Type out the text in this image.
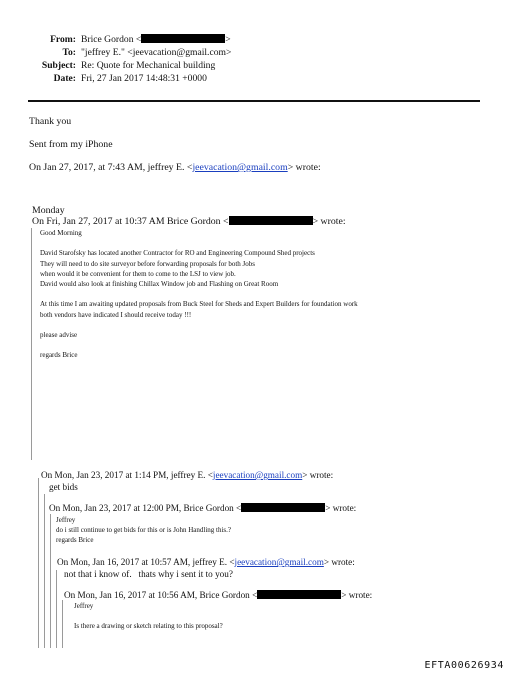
From: Brice Gordon <	>
To: "jeffrey E." <jeevacation@gmail.com>
Subject: Re: Quote for Mechanical building
Date: Fri, 27 Jan 2017 14:48:31 +0000
Thank you
Sent from my iPhone
On Jan 27, 2017, at 7:43 AM, jeffrey E. <jeevacation@gmail.com> wrote:
Monday
On Fri, Jan 27, 2017 at 10:37 AM Brice Gordon <	> wrote:
Good Morning

David Starofsky has located another Contractor for RO and Engineering Compound Shed projects
They will need to do site surveyor before forwarding proposals for both Jobs
when would it be convenient for them to come to the LSJ to view job.
David would also look at finishing Chillax Window job and Flashing on Great Room

At this time I am awaiting updated proposals from Buck Steel for Sheds and Expert Builders for foundation work
both vendors have indicated I should receive today !!!

please advise

regards Brice
On Mon, Jan 23, 2017 at 1:14 PM, jeffrey E. <jeevacation@gmail.com> wrote:
get bids
On Mon, Jan 23, 2017 at 12:00 PM, Brice Gordon <	> wrote:
Jeffrey
do i still continue to get bids for this or is John Handling this.?
regards Brice
On Mon, Jan 16, 2017 at 10:57 AM, jeffrey E. <jeevacation@gmail.com> wrote:
not that i know of.   thats why i sent it to you?
On Mon, Jan 16, 2017 at 10:56 AM, Brice Gordon <	> wrote:
Jeffrey

Is there a drawing or sketch relating to this proposal?
EFTA00626934
